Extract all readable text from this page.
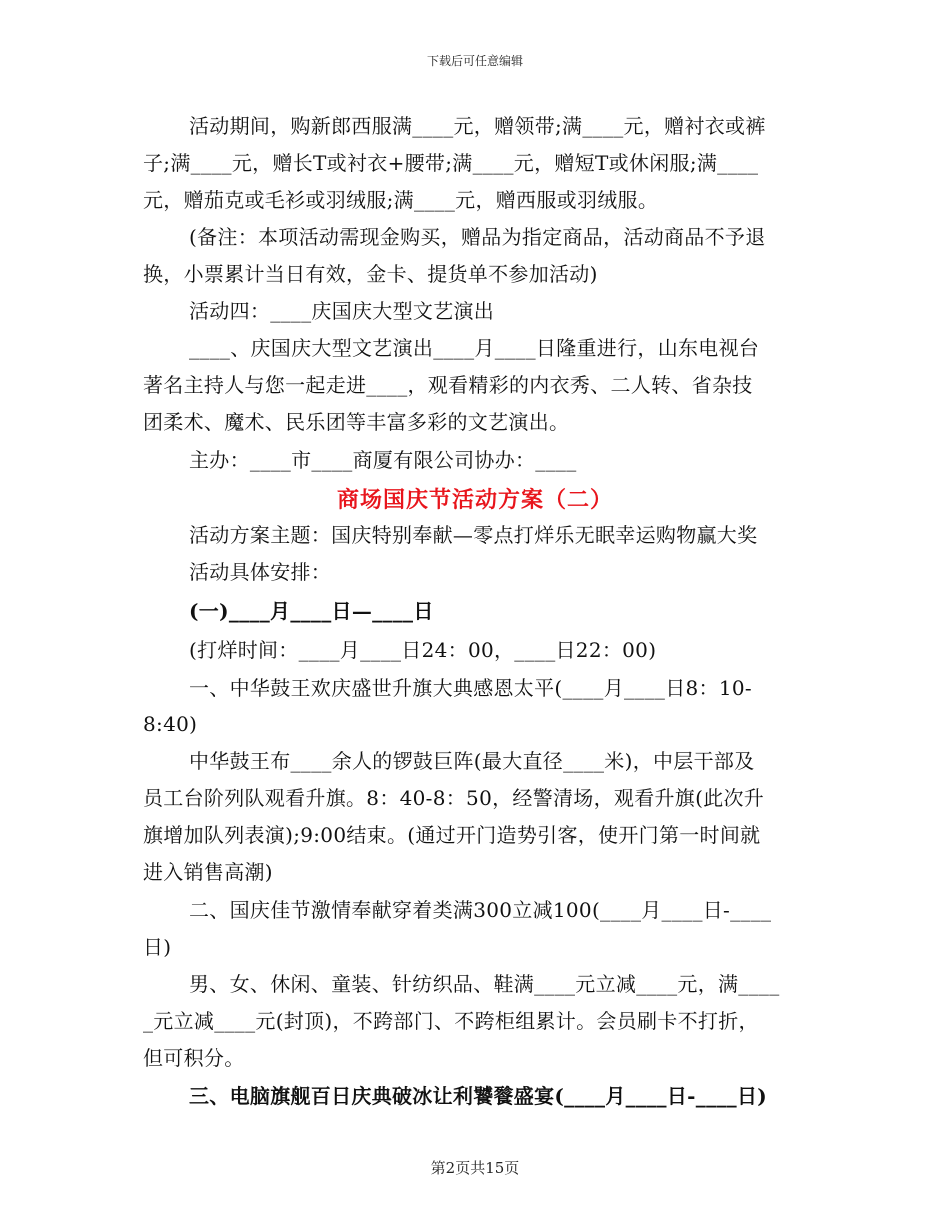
下载后可任意编辑
活动期间，购新郎西服满____元，赠领带;满____元，赠衬衣或裤
子;满____元，赠长T或衬衣+腰带;满____元，赠短T或休闲服;满____
元，赠茄克或毛衫或羽绒服;满____元，赠西服或羽绒服。
(备注：本项活动需现金购买，赠品为指定商品，活动商品不予退
换，小票累计当日有效，金卡、提货单不参加活动)
活动四：____庆国庆大型文艺演出
____、庆国庆大型文艺演出____月____日隆重进行，山东电视台
著名主持人与您一起走进____，观看精彩的内衣秀、二人转、省杂技
团柔术、魔术、民乐团等丰富多彩的文艺演出。
主办：____市____商厦有限公司协办：____
商场国庆节活动方案（二）
活动方案主题：国庆特别奉献—零点打烊乐无眠幸运购物赢大奖
活动具体安排：
(一)____月____日—____日
(打烊时间：____月____日24：00，____日22：00)
一、中华鼓王欢庆盛世升旗大典感恩太平(____月____日8：10-
8:40)
中华鼓王布____余人的锣鼓巨阵(最大直径____米)，中层干部及
员工台阶列队观看升旗。8：40-8：50，经警清场，观看升旗(此次升
旗增加队列表演);9:00结束。(通过开门造势引客，使开门第一时间就
进入销售高潮)
二、国庆佳节激情奉献穿着类满300立减100(____月____日-____
日)
男、女、休闲、童装、针纺织品、鞋满____元立减____元，满____
_元立减____元(封顶)，不跨部门、不跨柜组累计。会员刷卡不打折，
但可积分。
三、电脑旗舰百日庆典破冰让利饕餮盛宴(____月____日-____日)
第2页共15页
